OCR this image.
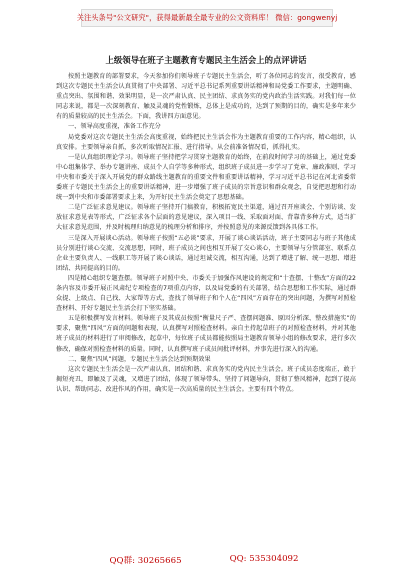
关注头条号"公文研究"，获得最新最全最专业的公文资料库！ 微信：gongwenyj
上级领导在班子主题教育专题民主生活会上的点评讲话

按照主题教育的部署要求，今天参加你们领导班子专题民主生活会，听了各位同志的发言，很受教育，感到这次专题民主生活会认真贯彻了中央部署、习近平总书记系列重要讲话精神和局党委工作要求，主题明确、重点突出、氛围和谐、效果明显，是一次严肃认真、民主团结、求真务实的党内政治生活实践。对我们每一位同志来说，都是一次深刻教育、触及灵魂的党性锻炼，总体上是成功的，达到了预期的目的，确实是多年来少有的质量较高的民主生活会。下面，我讲四方面意见。

一、领导高度重视，准备工作充分

局党委对这次专题民主生活会高度重视，始终把民主生活会作为主题教育重要的工作内容，精心组织，认真安排。主要领导亲自抓，多次听取情况汇报、进行指导。从会前准备情况看，抓得扎实。

一是认真组织理论学习。领导班子坚持把学习贯穿主题教育的始终，在前段时间学习的基础上，通过党委中心组集体学、举办专题讲座、成员个人自学等多种形式，组织班子成员进一步学习了党章、廉政准则、学习中央和市委关于深入开展党的群众路线主题教育的重要文件和重要讲话精神，学习习近平总书记在河北省委常委班子专题民主生活会上的重要讲话精神，进一步增强了班子成员的宗旨意识和群众观念，自觉把思想和行动统一到中央和市委部署要求上来，为开好民主生活会奠定了思想基础。

二是广泛征求意见建议。领导班子坚持开门搞教育，积极拓宽民主渠道，通过召开座谈会、个别访谈、发放征求意见表等形式，广泛征求各个层面的意见建议，深入项目一线、采取面对面、背靠背多种方式，适当扩大征求意见范围，并及时梳理归纳意见的梳理分析和排序，并按照意见的来源反馈到各具体工作。

三是深入开展谈心活动。领导班子按照“五必谈”要求，开展了谈心谈话活动，班子主要同志与班子其他成员分别进行谈心交流、交流思想，同时，班子成员之间也相互开展了交心谈心，主要领导与分管部室、联系点企业主要负责人、一线职工等开展了谈心谈话，通过坦诚交流，相互沟通，达到了增进了解、统一思想、增进团结、共同提高的目的。

四是精心组织专题查摆。领导班子对照中央、市委关于加强作风建设的规定和“十查摆、十整改”方面的22条内容及市委开展正风肃纪专项检查的7项重点内容，以及局党委的有关部署，结合思想和工作实际，通过群众提、上级点、自己找、大家帮等方式，查找了领导班子和个人在“四风”方面存在的突出问题，为撰写对照检查材料、开好专题民主生活会打下坚实基础。

五是积极撰写发言材料。领导班子及其成员按照“衡量尺子严、查摆问题准、原因分析深、整改措施实”的要求，聚焦“四风”方面的问题和表现，认真撰写对照检查材料。亲自主持起草班子的对照检查材料，并对其他班子成员的材料进行了审阅修改，起草中，每位班子成员都能按照局主题教育领导小组的修改要求，进行多次修改，确保对照检查材料的质量。同时，认真撰写班子成员间批评材料，并事先进行深入的沟通。

二、聚焦“四风”问题，专题民主生活会达到预期效果

这次专题民主生活会是一次严肃认真、团结和谐、求真务实的党内民主生活会。班子成员态度端正，敢于揭短亮丑，即触及了灵魂，又增进了团结，体现了领导带头、坚持了问题导向，贯彻了整风精神，起到了提高认识、帮助同志、改进作风的作用，确实是一次高质量的民主生活会。主要有四个特点。

QQ群: 30265665	QQ: 535304092
